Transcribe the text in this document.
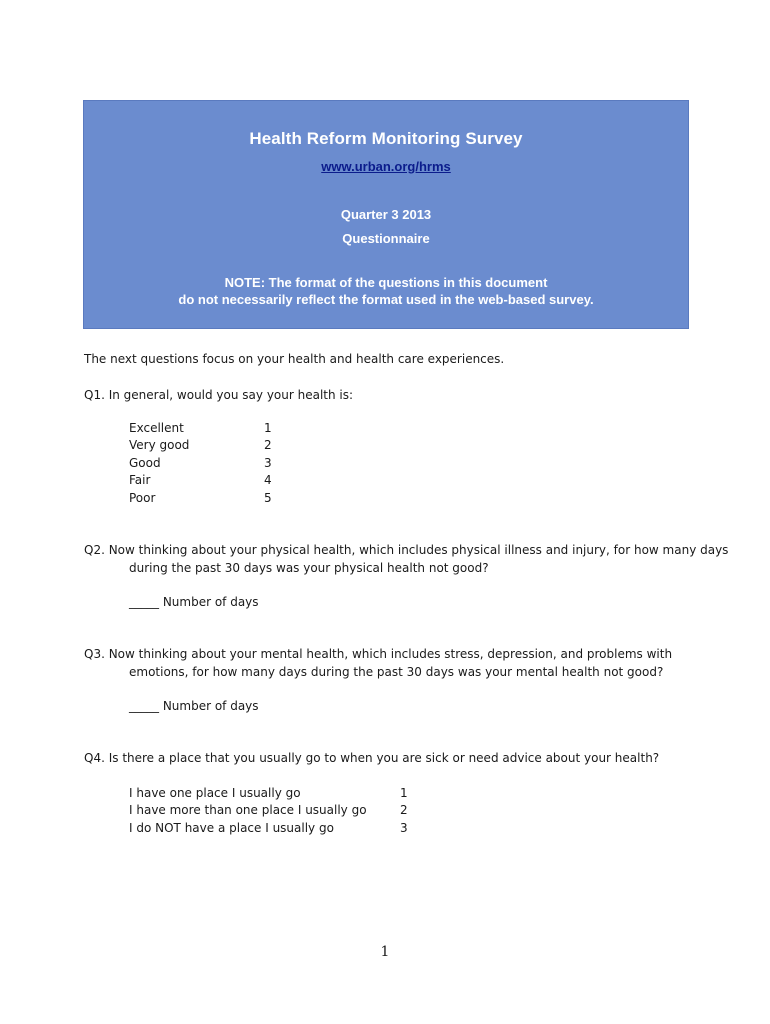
Health Reform Monitoring Survey
www.urban.org/hrms
Quarter 3 2013
Questionnaire
NOTE: The format of the questions in this document
do not necessarily reflect the format used in the web-based survey.
The next questions focus on your health and health care experiences.
Q1. In general, would you say your health is:
Excellent	1
Very good	2
Good	3
Fair	4
Poor	5
Q2. Now thinking about your physical health, which includes physical illness and injury, for how many days
during the past 30 days was your physical health not good?
_____ Number of days
Q3. Now thinking about your mental health, which includes stress, depression, and problems with
emotions, for how many days during the past 30 days was your mental health not good?
_____ Number of days
Q4. Is there a place that you usually go to when you are sick or need advice about your health?
I have one place I usually go	1
I have more than one place I usually go	2
I do NOT have a place I usually go	3
1
